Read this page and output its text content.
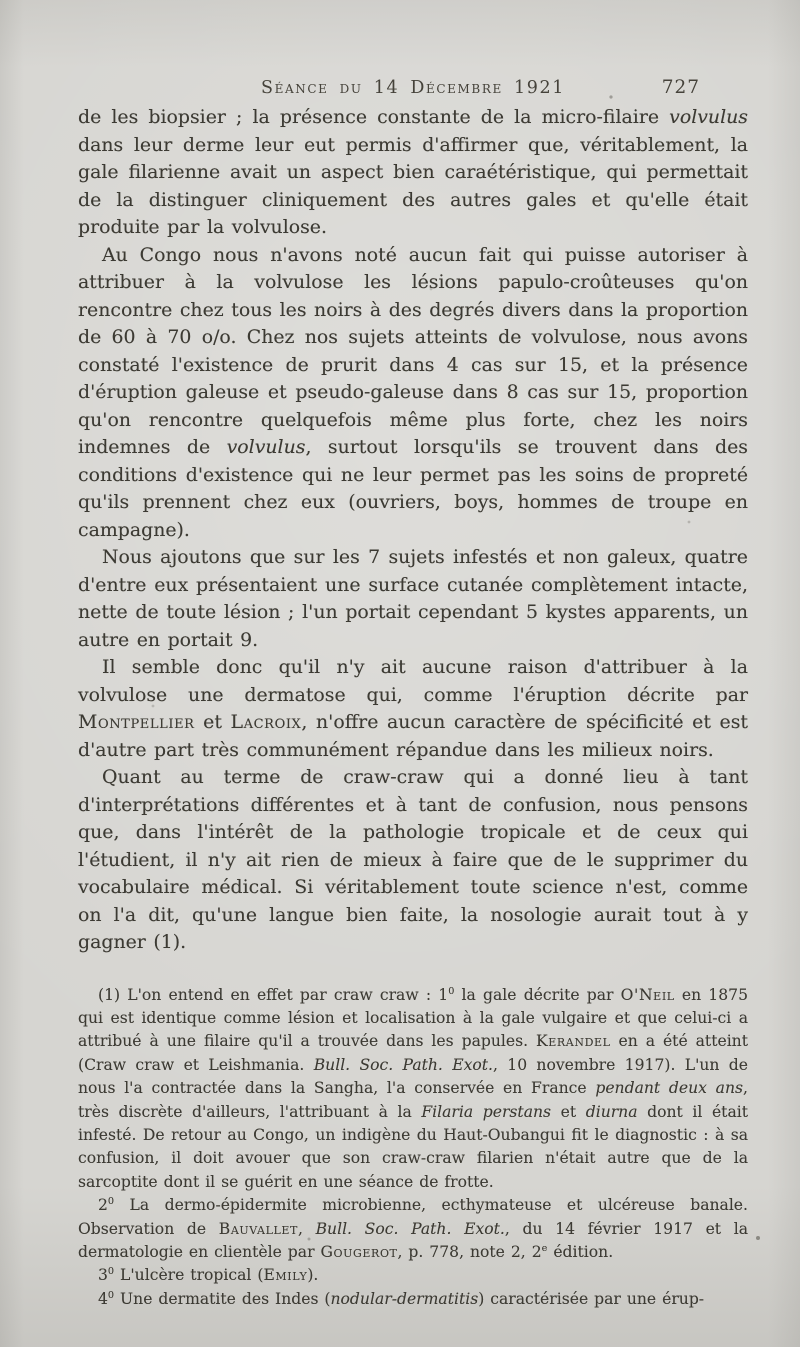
Séance du 14 Décembre 1921	727

de les biopsier ; la présence constante de la micro-filaire volvulus dans leur derme leur eut permis d'affirmer que, véritablement, la gale filarienne avait un aspect bien caraétéristique, qui permettait de la distinguer cliniquement des autres gales et qu'elle était produite par la volvulose.

Au Congo nous n'avons noté aucun fait qui puisse autoriser à attribuer à la volvulose les lésions papulo-croûteuses qu'on rencontre chez tous les noirs à des degrés divers dans la proportion de 60 à 70 o/o. Chez nos sujets atteints de volvulose, nous avons constaté l'existence de prurit dans 4 cas sur 15, et la présence d'éruption galeuse et pseudo-galeuse dans 8 cas sur 15, proportion qu'on rencontre quelquefois même plus forte, chez les noirs indemnes de volvulus, surtout lorsqu'ils se trouvent dans des conditions d'existence qui ne leur permet pas les soins de propreté qu'ils prennent chez eux (ouvriers, boys, hommes de troupe en campagne).

Nous ajoutons que sur les 7 sujets infestés et non galeux, quatre d'entre eux présentaient une surface cutanée complètement intacte, nette de toute lésion ; l'un portait cependant 5 kystes apparents, un autre en portait 9.

Il semble donc qu'il n'y ait aucune raison d'attribuer à la volvulose une dermatose qui, comme l'éruption décrite par Montpellier et Lacroix, n'offre aucun caractère de spécificité et est d'autre part très communément répandue dans les milieux noirs.

Quant au terme de craw-craw qui a donné lieu à tant d'interprétations différentes et à tant de confusion, nous pensons que, dans l'intérêt de la pathologie tropicale et de ceux qui l'étudient, il n'y ait rien de mieux à faire que de le supprimer du vocabulaire médical. Si véritablement toute science n'est, comme on l'a dit, qu'une langue bien faite, la nosologie aurait tout à y gagner (1).

(1) L'on entend en effet par craw craw : $1^0$ la gale décrite par O'Neil en 1875 qui est identique comme lésion et localisation à la gale vulgaire et que celui-ci a attribué à une filaire qu'il a trouvée dans les papules. Kerandel en a été atteint (Craw craw et Leishmania. Bull. Soc. Path. Exot., 10 novembre 1917). L'un de nous l'a contractée dans la Sangha, l'a conservée en France pendant deux ans, très discrète d'ailleurs, l'attribuant à la Filaria perstans et diurna dont il était infesté. De retour au Congo, un indigène du Haut-Oubangui fit le diagnostic : à sa confusion, il doit avouer que son craw-craw filarien n'était autre que de la sarcoptite dont il se guérit en une séance de frotte.

$2^0$ La dermo-épidermite microbienne, ecthymateuse et ulcéreuse banale. Observation de Bauvallet, Bull. Soc. Path. Exot., du 14 février 1917 et la dermatologie en clientèle par Gougerot, p. 778, note 2, 2e édition.

$3^0$ L'ulcère tropical (Emily).

$4^0$ Une dermatite des Indes (nodular-dermatitis) caractérisée par une érup-
